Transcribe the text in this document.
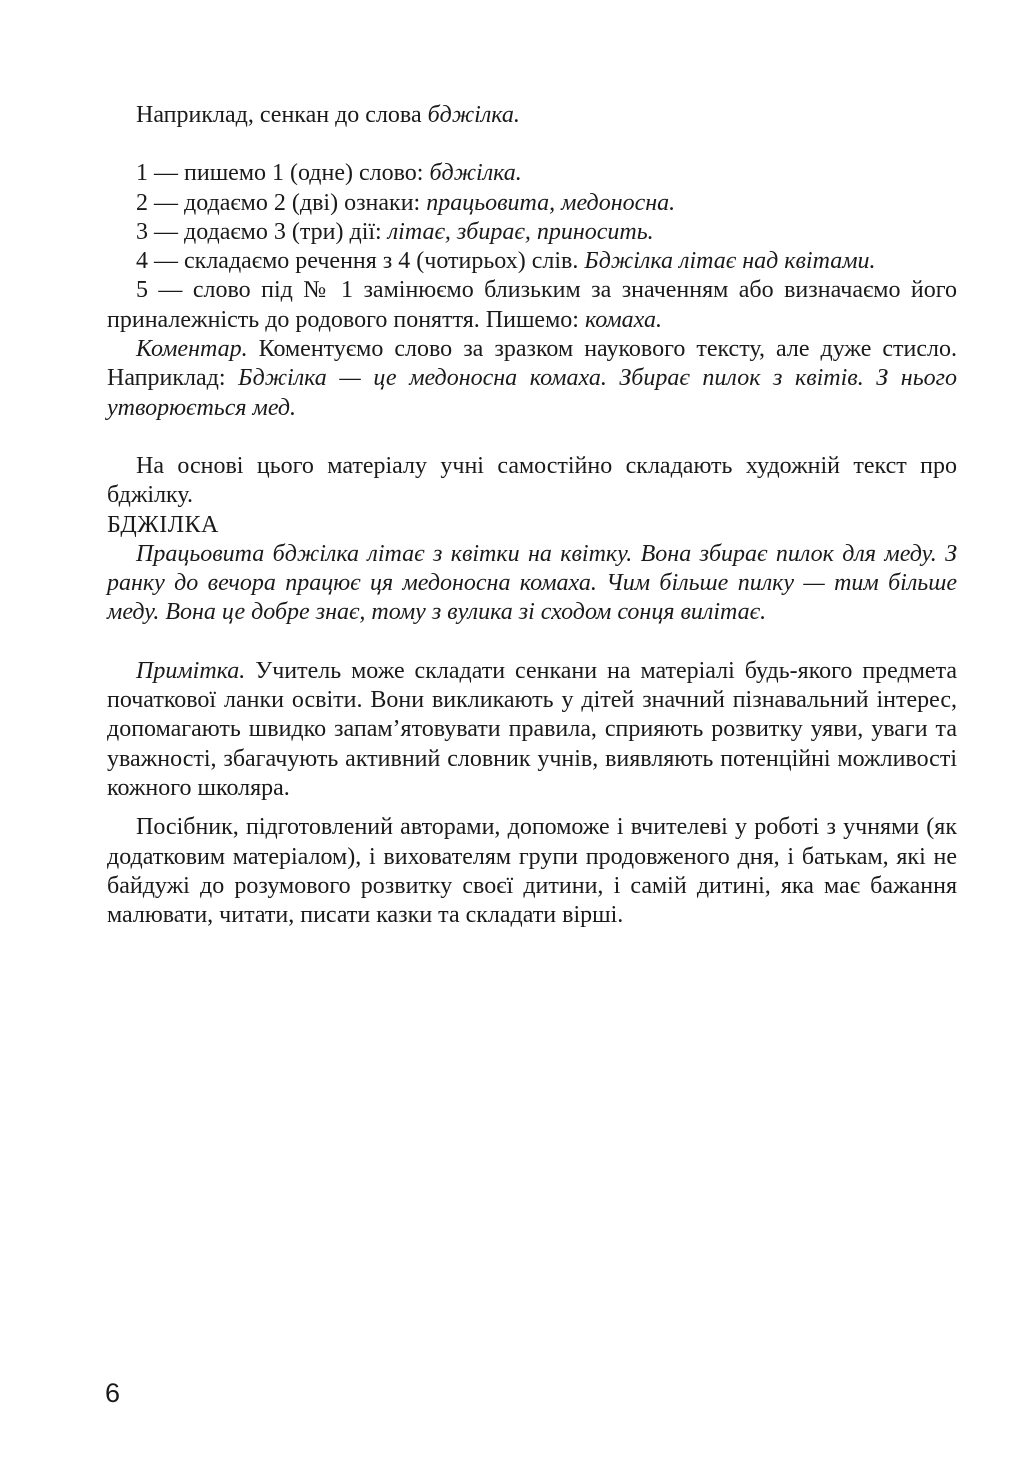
Наприклад, сенкан до слова бджілка.

1 — пишемо 1 (одне) слово: бджілка.

2 — додаємо 2 (дві) ознаки: працьовита, медоносна.

3 — додаємо 3 (три) дії: літає, збирає, приносить.

4 — складаємо речення з 4 (чотирьох) слів. Бджілка літає над квітами.

5 — слово під № 1 замінюємо близьким за значенням або визначаємо його приналежність до родового поняття. Пишемо: комаха.

Коментар. Коментуємо слово за зразком наукового тексту, але дуже стисло. Наприклад: Бджілка — це медоносна комаха. Збирає пилок з квітів. З нього утворюється мед.

На основі цього матеріалу учні самостійно складають художній текст про бджілку.

БДЖІЛКА

Працьовита бджілка літає з квітки на квітку. Вона збирає пилок для меду. З ранку до вечора працює ця медоносна комаха. Чим більше пилку — тим більше меду. Вона це добре знає, тому з вулика зі сходом сонця вилітає.

Примітка. Учитель може складати сенкани на матеріалі будь-якого предмета початкової ланки освіти. Вони викликають у дітей значний пізнавальний інтерес, допомагають швидко запам’ятовувати правила, сприяють розвитку уяви, уваги та уважності, збагачують активний словник учнів, виявляють потенційні можливості кожного школяра.

Посібник, підготовлений авторами, допоможе і вчителеві у роботі з учнями (як додатковим матеріалом), і вихователям групи продовженого дня, і батькам, які не байдужі до розумового розвитку своєї дитини, і самій дитині, яка має бажання малювати, читати, писати казки та складати вірші.

6
